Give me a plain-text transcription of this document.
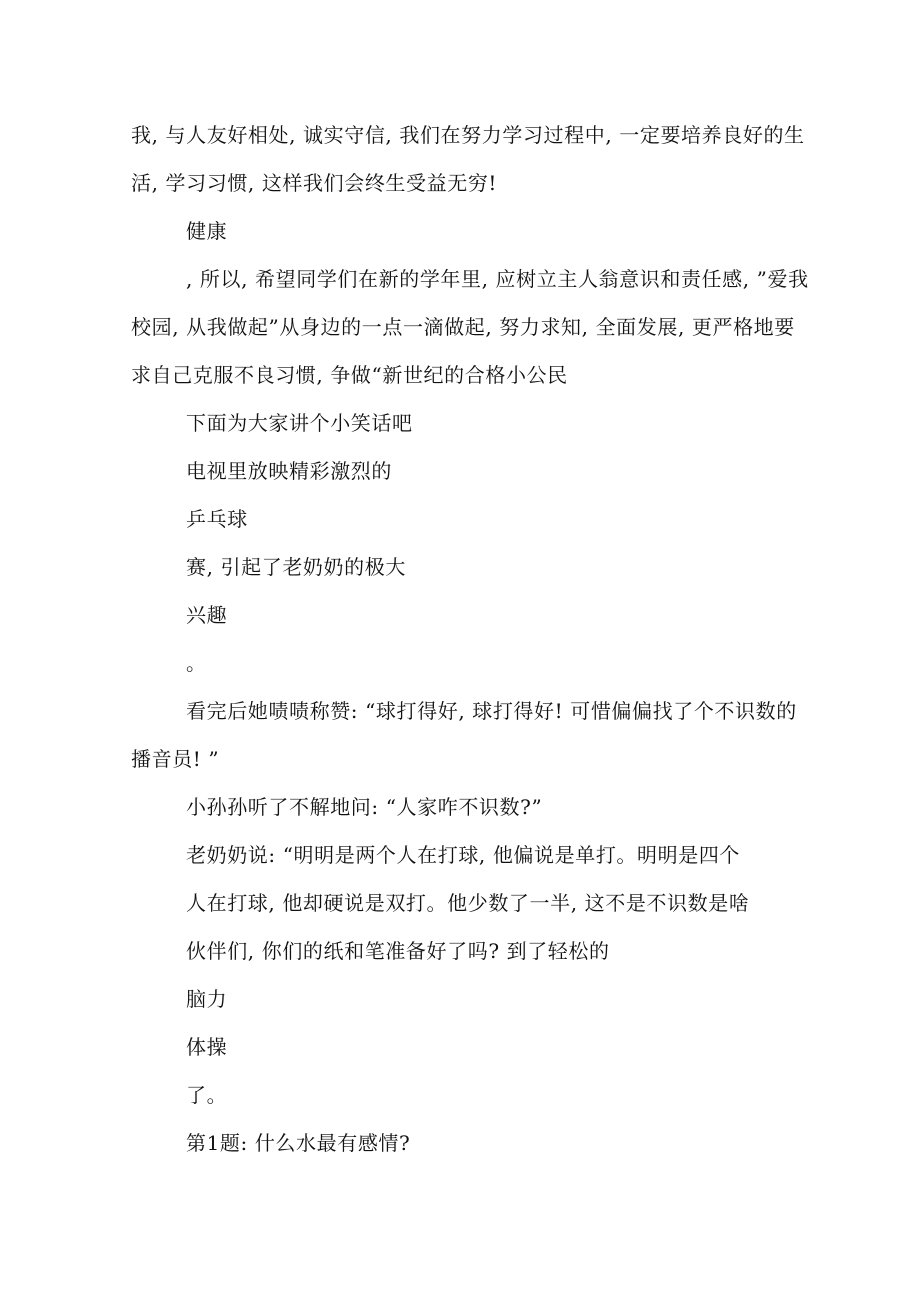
我, 与人友好相处, 诚实守信, 我们在努力学习过程中, 一定要培养良好的生
活, 学习习惯, 这样我们会终生受益无穷!
健康
, 所以, 希望同学们在新的学年里, 应树立主人翁意识和责任感, ”爱我
校园, 从我做起”从身边的一点一滴做起, 努力求知, 全面发展, 更严格地要
求自己克服不良习惯, 争做“新世纪的合格小公民
下面为大家讲个小笑话吧
电视里放映精彩激烈的
乒乓球
赛, 引起了老奶奶的极大
兴趣
。
看完后她啧啧称赞: “球打得好, 球打得好! 可惜偏偏找了个不识数的
播音员! ”
小孙孙听了不解地问: “人家咋不识数?”
老奶奶说: “明明是两个人在打球, 他偏说是单打。明明是四个
人在打球, 他却硬说是双打。他少数了一半, 这不是不识数是啥
伙伴们, 你们的纸和笔准备好了吗? 到了轻松的
脑力
体操
了。
第1题: 什么水最有感情?
